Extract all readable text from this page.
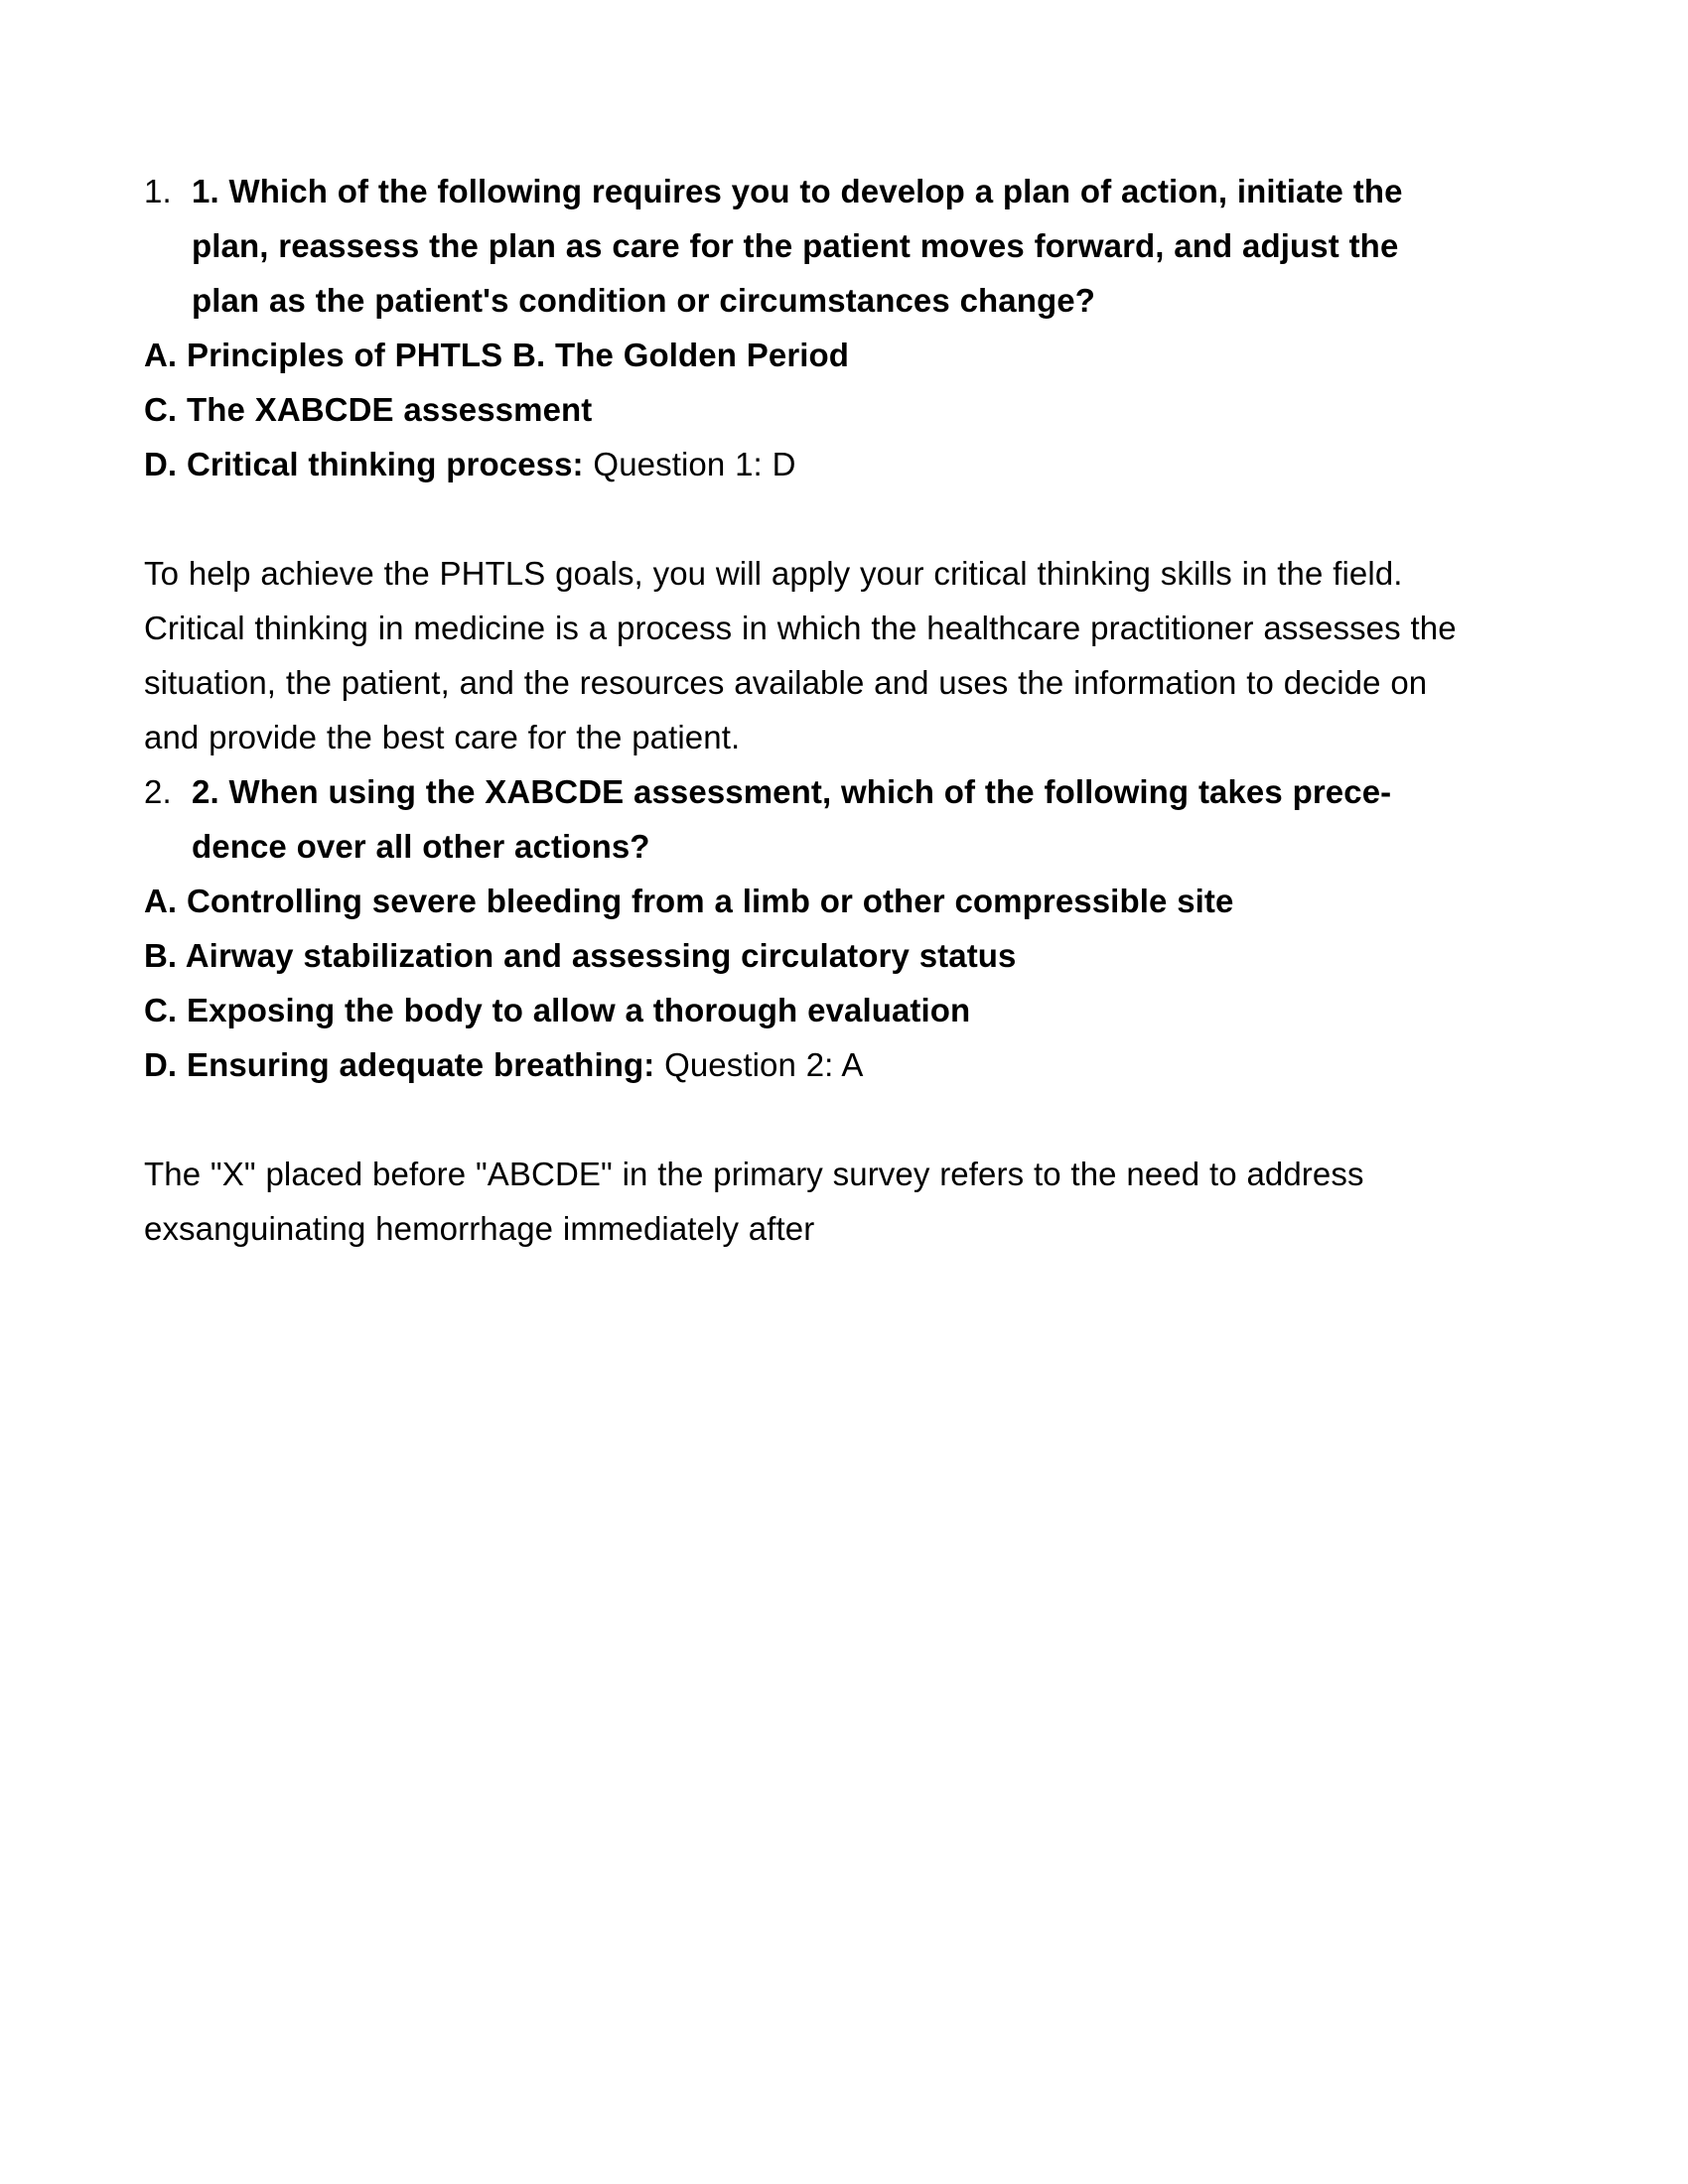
1. 1. Which of the following requires you to develop a plan of action, initiate the plan, reassess the plan as care for the patient moves forward, and adjust the plan as the patient's condition or circumstances change?
A. Principles of PHTLS B. The Golden Period
C. The XABCDE assessment
D. Critical thinking process: Question 1: D
To help achieve the PHTLS goals, you will apply your critical thinking skills in the field. Critical thinking in medicine is a process in which the healthcare practitioner assesses the situation, the patient, and the resources available and uses the information to decide on and provide the best care for the patient.
2. 2. When using the XABCDE assessment, which of the following takes prece- dence over all other actions?
A. Controlling severe bleeding from a limb or other compressible site
B. Airway stabilization and assessing circulatory status
C. Exposing the body to allow a thorough evaluation
D. Ensuring adequate breathing: Question 2: A
The "X" placed before "ABCDE" in the primary survey refers to the need to address exsanguinating hemorrhage immediately after
